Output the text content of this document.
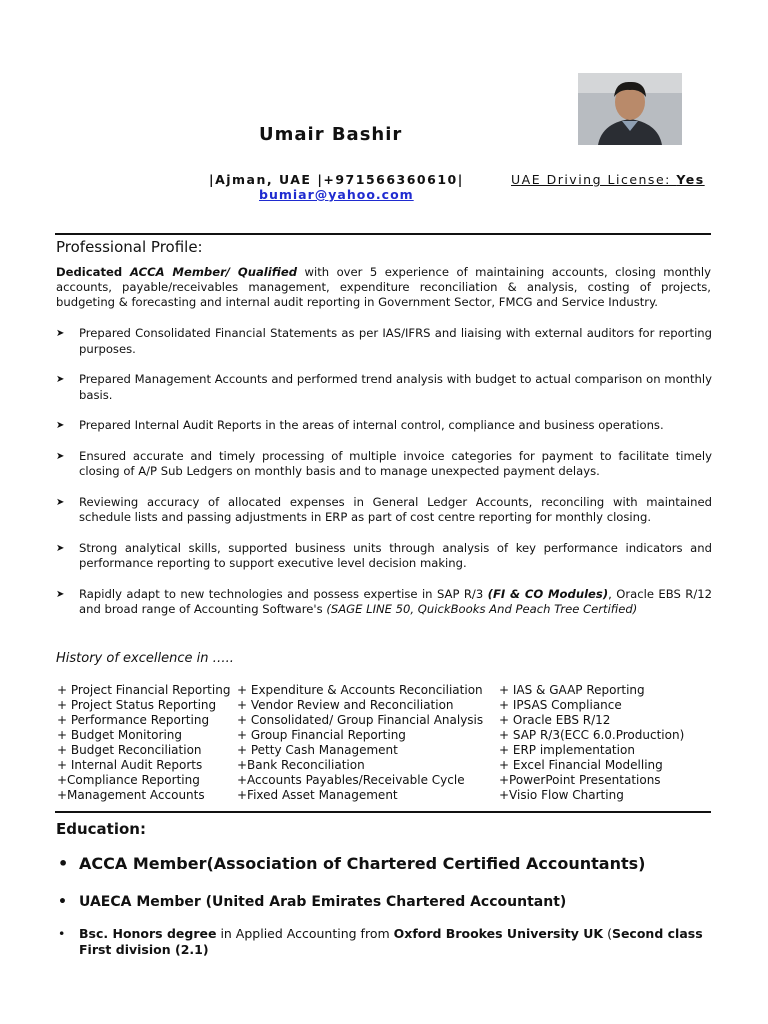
Umair Bashir
|Ajman, UAE |+971566360610|
bumiar@yahoo.com
UAE Driving License: Yes
Professional Profile:
Dedicated ACCA Member/ Qualified with over 5 experience of maintaining accounts, closing monthly accounts, payable/receivables management, expenditure reconciliation & analysis, costing of projects, budgeting & forecasting and internal audit reporting in Government Sector, FMCG and Service Industry.
➤ Prepared Consolidated Financial Statements as per IAS/IFRS and liaising with external auditors for reporting purposes.
➤ Prepared Management Accounts and performed trend analysis with budget to actual comparison on monthly basis.
➤ Prepared Internal Audit Reports in the areas of internal control, compliance and business operations.
➤ Ensured accurate and timely processing of multiple invoice categories for payment to facilitate timely closing of A/P Sub Ledgers on monthly basis and to manage unexpected payment delays.
➤ Reviewing accuracy of allocated expenses in General Ledger Accounts, reconciling with maintained schedule lists and passing adjustments in ERP as part of cost centre reporting for monthly closing.
➤ Strong analytical skills, supported business units through analysis of key performance indicators and performance reporting to support executive level decision making.
➤ Rapidly adapt to new technologies and possess expertise in SAP R/3 (FI & CO Modules), Oracle EBS R/12 and broad range of Accounting Software's (SAGE LINE 50, QuickBooks And Peach Tree Certified)
History of excellence in …..
+ Project Financial Reporting
+ Project Status Reporting
+ Performance Reporting
+ Budget Monitoring
+ Budget Reconciliation
+ Internal Audit Reports
+Compliance Reporting
+Management Accounts
+ Expenditure & Accounts Reconciliation
+ Vendor Review and Reconciliation
+ Consolidated/ Group Financial Analysis
+ Group Financial Reporting
+ Petty Cash Management
+Bank Reconciliation
+Accounts Payables/Receivable Cycle
+Fixed Asset Management
+ IAS & GAAP Reporting
+ IPSAS Compliance
+ Oracle EBS R/12
+ SAP R/3(ECC 6.0.Production)
+ ERP implementation
+ Excel Financial Modelling
+PowerPoint Presentations
+Visio Flow Charting
Education:
• ACCA Member(Association of Chartered Certified Accountants)
• UAECA Member (United Arab Emirates Chartered Accountant)
• Bsc. Honors degree in Applied Accounting from Oxford Brookes University UK (Second class First division (2.1)
